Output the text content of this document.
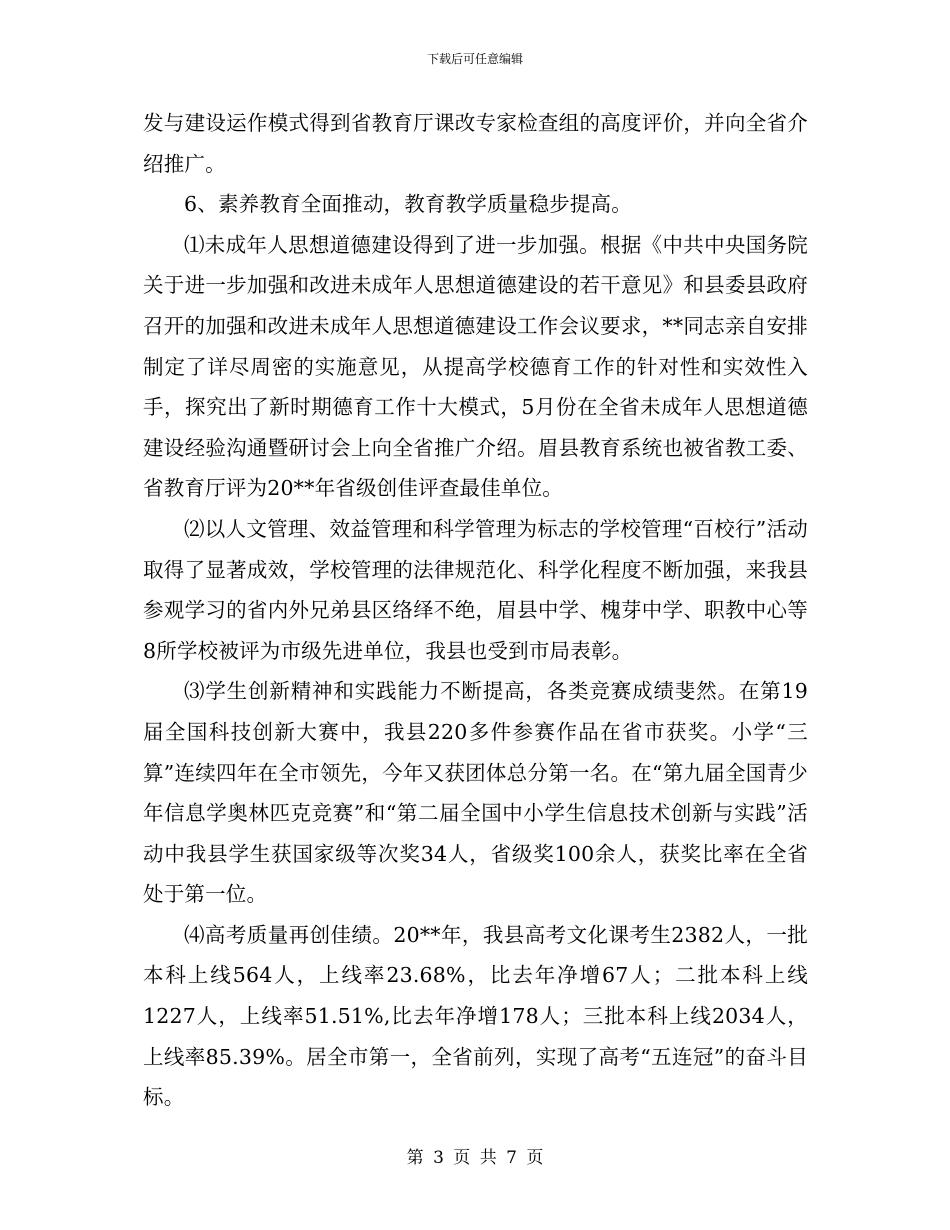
下载后可任意编辑

发与建设运作模式得到省教育厅课改专家检查组的高度评价，并向全省介绍推广。

6、素养教育全面推动，教育教学质量稳步提高。

⑴未成年人思想道德建设得到了进一步加强。根据《中共中央国务院关于进一步加强和改进未成年人思想道德建设的若干意见》和县委县政府召开的加强和改进未成年人思想道德建设工作会议要求，**同志亲自安排制定了详尽周密的实施意见，从提高学校德育工作的针对性和实效性入手，探究出了新时期德育工作十大模式，5月份在全省未成年人思想道德建设经验沟通暨研讨会上向全省推广介绍。眉县教育系统也被省教工委、省教育厅评为20**年省级创佳评查最佳单位。

⑵以人文管理、效益管理和科学管理为标志的学校管理“百校行”活动取得了显著成效，学校管理的法律规范化、科学化程度不断加强，来我县参观学习的省内外兄弟县区络绎不绝，眉县中学、槐芽中学、职教中心等8所学校被评为市级先进单位，我县也受到市局表彰。

⑶学生创新精神和实践能力不断提高，各类竞赛成绩斐然。在第19届全国科技创新大赛中，我县220多件参赛作品在省市获奖。小学“三算”连续四年在全市领先，今年又获团体总分第一名。在“第九届全国青少年信息学奥林匹克竞赛”和“第二届全国中小学生信息技术创新与实践”活动中我县学生获国家级等次奖34人，省级奖100余人，获奖比率在全省处于第一位。

⑷高考质量再创佳绩。20**年，我县高考文化课考生2382人，一批本科上线564人，上线率23.68%，比去年净增67人；二批本科上线1227人，上线率51.51%,比去年净增178人；三批本科上线2034人，上线率85.39%。居全市第一，全省前列，实现了高考“五连冠”的奋斗目标。

第 3 页 共 7 页
